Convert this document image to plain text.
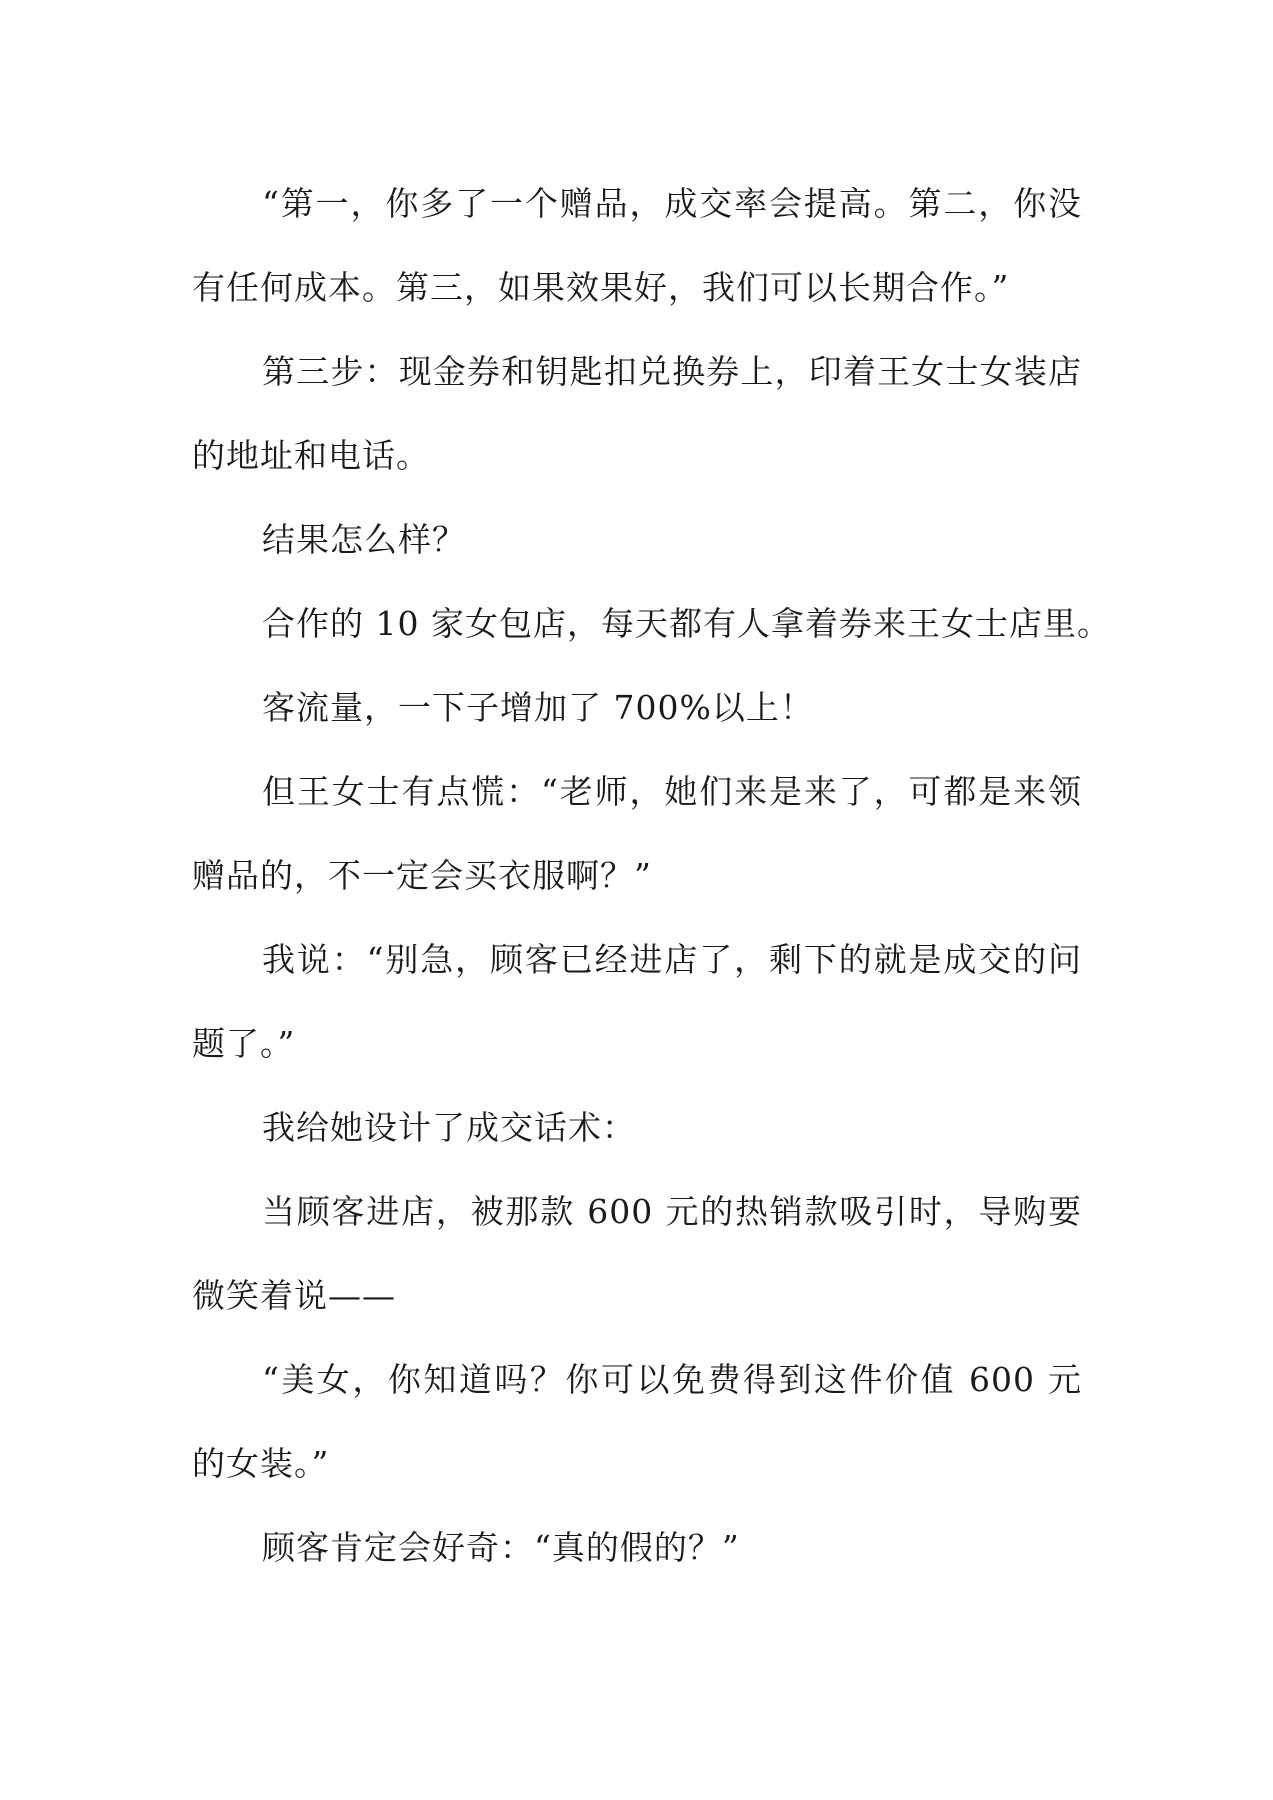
“第一，你多了一个赠品，成交率会提高。第二，你没有任何成本。第三，如果效果好，我们可以长期合作。”

第三步：现金券和钥匙扣兑换券上，印着王女士女装店的地址和电话。

结果怎么样？

合作的 10 家女包店，每天都有人拿着券来王女士店里。

客流量，一下子增加了 700%以上！

但王女士有点慌：“老师，她们来是来了，可都是来领赠品的，不一定会买衣服啊？”

我说：“别急，顾客已经进店了，剩下的就是成交的问题了。”

我给她设计了成交话术：

当顾客进店，被那款 600 元的热销款吸引时，导购要微笑着说——

“美女，你知道吗？你可以免费得到这件价值 600 元的女装。”

顾客肯定会好奇：“真的假的？”
